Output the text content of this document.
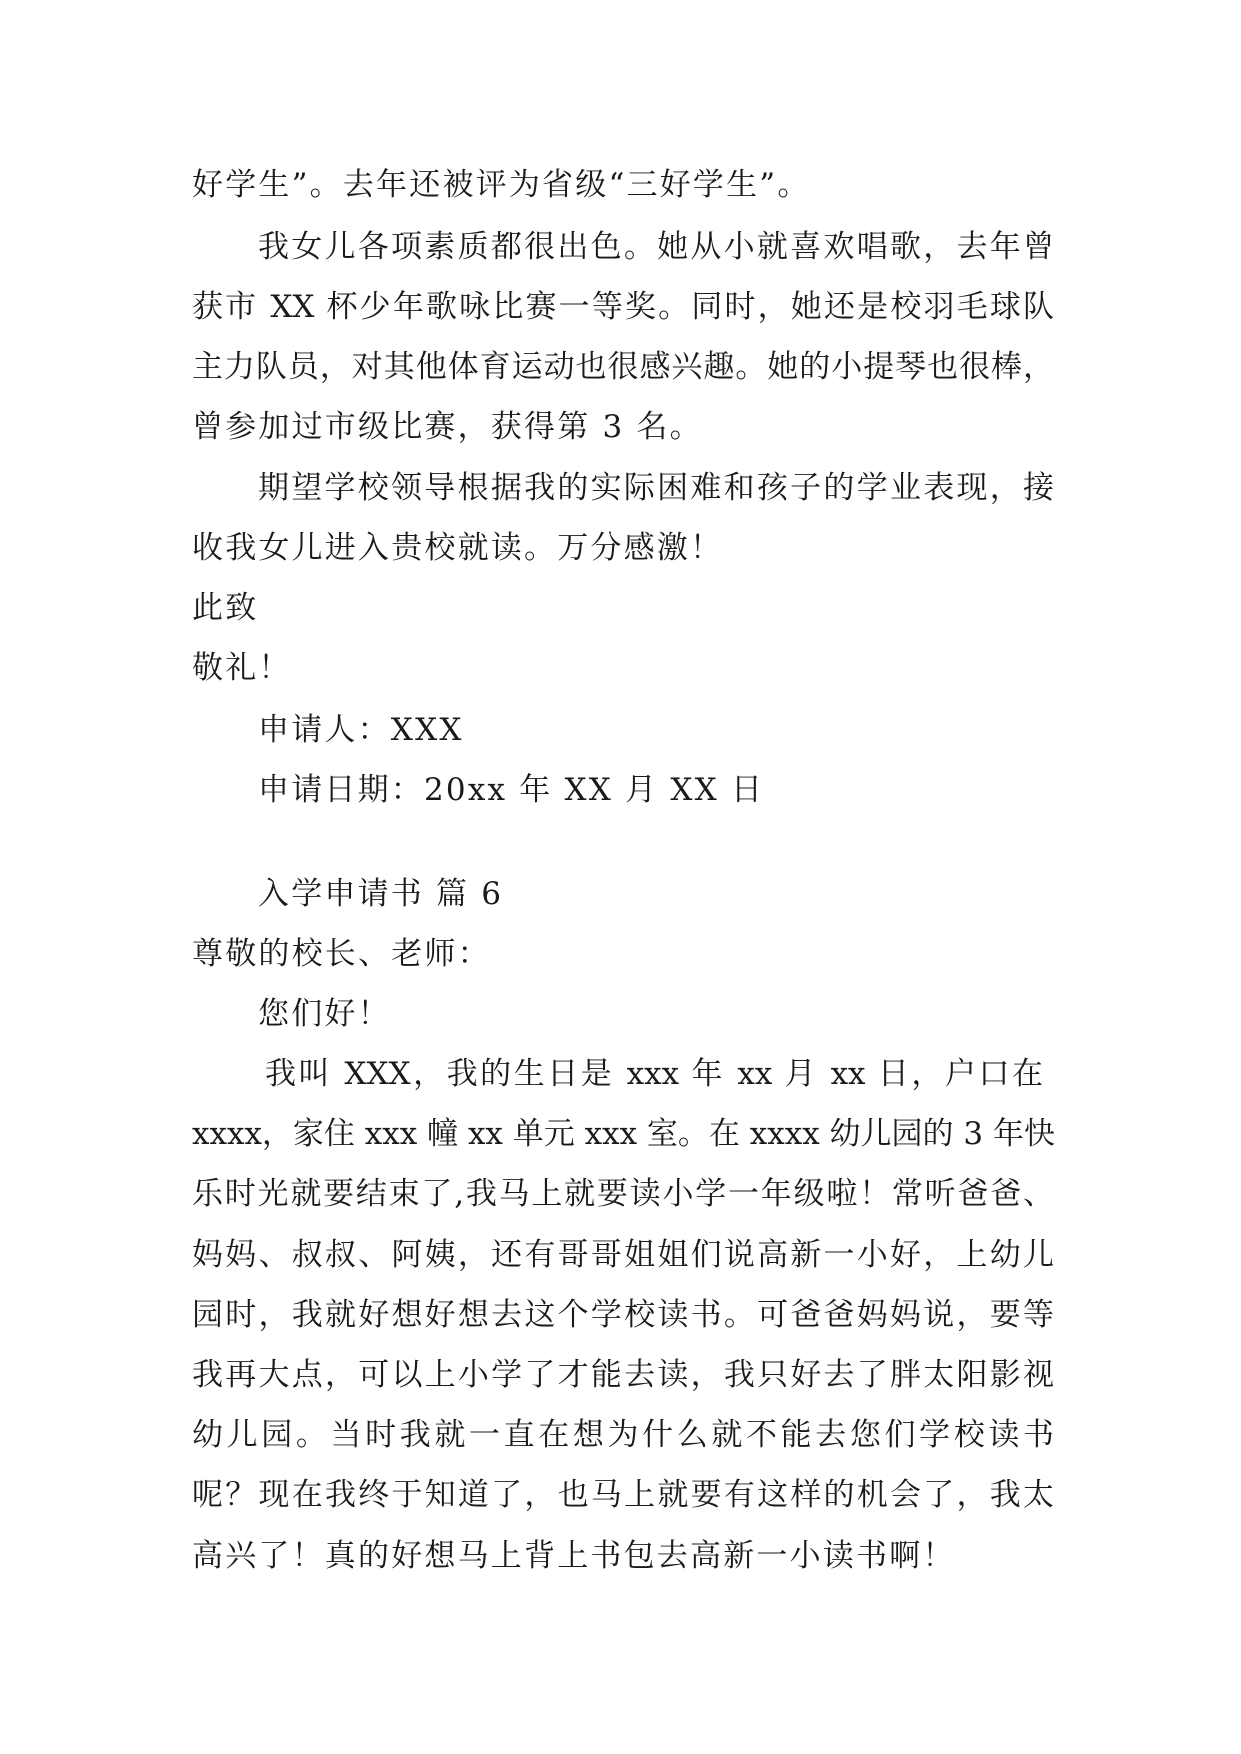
好学生”。去年还被评为省级“三好学生”。
我女儿各项素质都很出色。她从小就喜欢唱歌，去年曾
获市 XX 杯少年歌咏比赛一等奖。同时，她还是校羽毛球队
主力队员，对其他体育运动也很感兴趣。她的小提琴也很棒，
曾参加过市级比赛，获得第 3 名。
期望学校领导根据我的实际困难和孩子的学业表现，接
收我女儿进入贵校就读。万分感激！
此致
敬礼！
申请人：XXX
申请日期：20xx 年 XX 月 XX 日
入学申请书 篇 6
尊敬的校长、老师：
您们好！
我叫 XXX，我的生日是 xxx 年 xx 月 xx 日，户口在
xxxx，家住 xxx 幢 xx 单元 xxx 室。在 xxxx 幼儿园的 3 年快
乐时光就要结束了,我马上就要读小学一年级啦！常听爸爸、
妈妈、叔叔、阿姨，还有哥哥姐姐们说高新一小好，上幼儿
园时，我就好想好想去这个学校读书。可爸爸妈妈说，要等
我再大点，可以上小学了才能去读，我只好去了胖太阳影视
幼儿园。当时我就一直在想为什么就不能去您们学校读书
呢？现在我终于知道了，也马上就要有这样的机会了，我太
高兴了！真的好想马上背上书包去高新一小读书啊！
